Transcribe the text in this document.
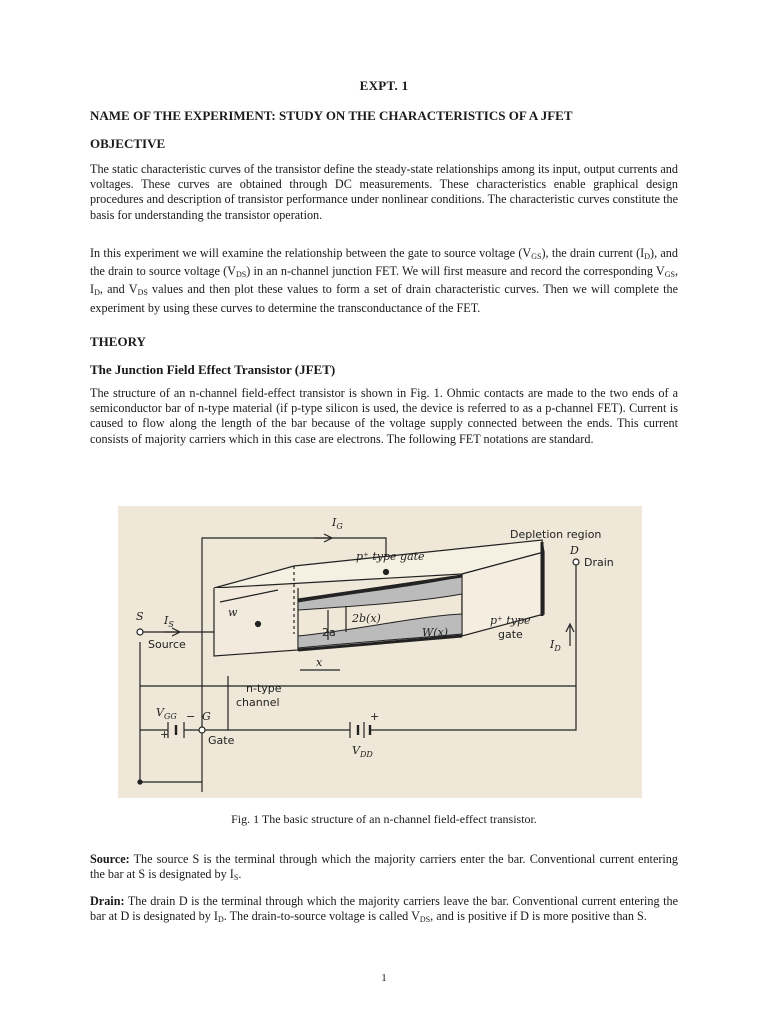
EXPT. 1
NAME OF THE EXPERIMENT: STUDY ON THE CHARACTERISTICS OF A JFET
OBJECTIVE
The static characteristic curves of the transistor define the steady-state relationships among its input, output currents and voltages. These curves are obtained through DC measurements. These characteristics enable graphical design procedures and description of transistor performance under nonlinear conditions. The characteristic curves constitute the basis for understanding the transistor operation.
In this experiment we will examine the relationship between the gate to source voltage $(V_{GS})$, the drain current $(I_D)$, and the drain to source voltage $(V_{DS})$ in an n-channel junction FET. We will first measure and record the corresponding $V_{GS}$, $I_D$, and $V_{DS}$ values and then plot these values to form a set of drain characteristic curves. Then we will complete the experiment by using these curves to determine the transconductance of the FET.
THEORY
The Junction Field Effect Transistor (JFET)
The structure of an n-channel field-effect transistor is shown in Fig. 1. Ohmic contacts are made to the two ends of a semiconductor bar of n-type material (if p-type silicon is used, the device is referred to as a p-channel FET). Current is caused to flow along the length of the bar because of the voltage supply connected between the ends. This current consists of majority carriers which in this case are electrons. The following FET notations are standard.
$I_G$
Depletion region
p⁺ type gate	D
Drain
w	2b(x)
2a
S $I_S$
Source
W(x)
p⁺ type
gate
$I_D$
x
n-type
channel
$V_{GG}$ G
Gate
$V_{DD}$
+
−	+
Fig. 1 The basic structure of an n-channel field-effect transistor.
Source: The source S is the terminal through which the majority carriers enter the bar. Conventional current entering the bar at S is designated by $I_S$.
Drain: The drain D is the terminal through which the majority carriers leave the bar. Conventional current entering the bar at D is designated by $I_D$. The drain-to-source voltage is called $V_{DS}$, and is positive if D is more positive than S.
1
